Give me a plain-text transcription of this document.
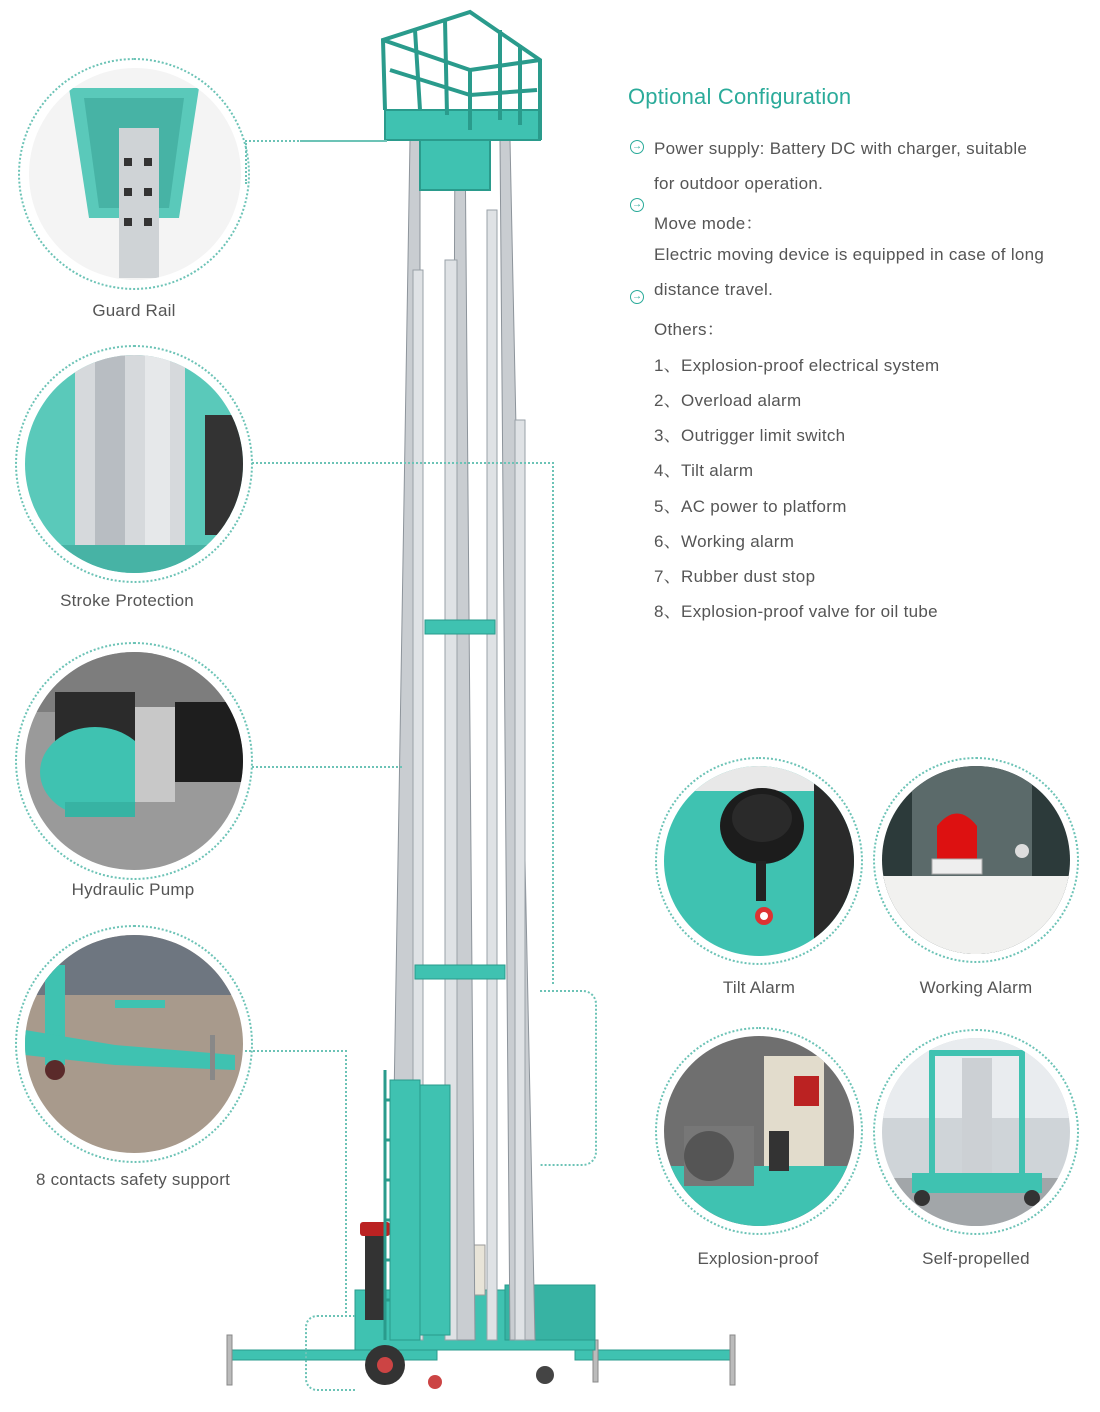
Guard Rail
Stroke Protection
Hydraulic Pump
8 contacts safety support
Optional Configuration
→ Power supply: Battery DC with charger, suitable
for outdoor operation.
→
Move mode：
Electric moving device is equipped in case of long
→ distance travel.
Others：
1、Explosion-proof electrical system
2、Overload alarm
3、Outrigger limit switch
4、Tilt alarm
5、AC power to platform
6、Working alarm
7、Rubber dust stop
8、Explosion-proof valve for oil tube
Tilt Alarm	Working Alarm
Explosion-proof	Self-propelled
